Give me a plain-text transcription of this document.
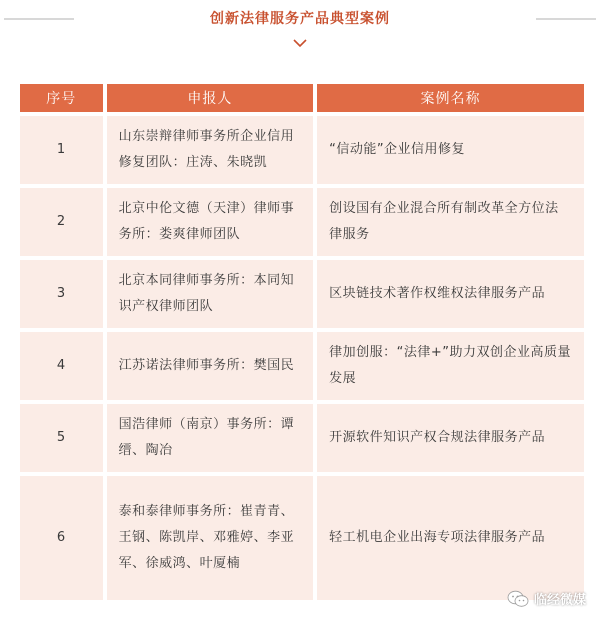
创新法律服务产品典型案例
序号	申报人	案例名称
1	山东崇辩律师事务所企业信用修复团队：庄涛、朱晓凯	“信动能”企业信用修复
2	北京中伦文德（天津）律师事务所：娄爽律师团队	创设国有企业混合所有制改革全方位法律服务
3	北京本同律师事务所：本同知识产权律师团队	区块链技术著作权维权法律服务产品
4	江苏诺法律师事务所：樊国民	律加创服：“法律+”助力双创企业高质量发展
5	国浩律师（南京）事务所：谭缙、陶冶	开源软件知识产权合规法律服务产品
6	泰和泰律师事务所：崔青青、王钢、陈凯岸、邓雅婷、李亚军、徐威鸿、叶厦楠	轻工机电企业出海专项法律服务产品
临经微媒
